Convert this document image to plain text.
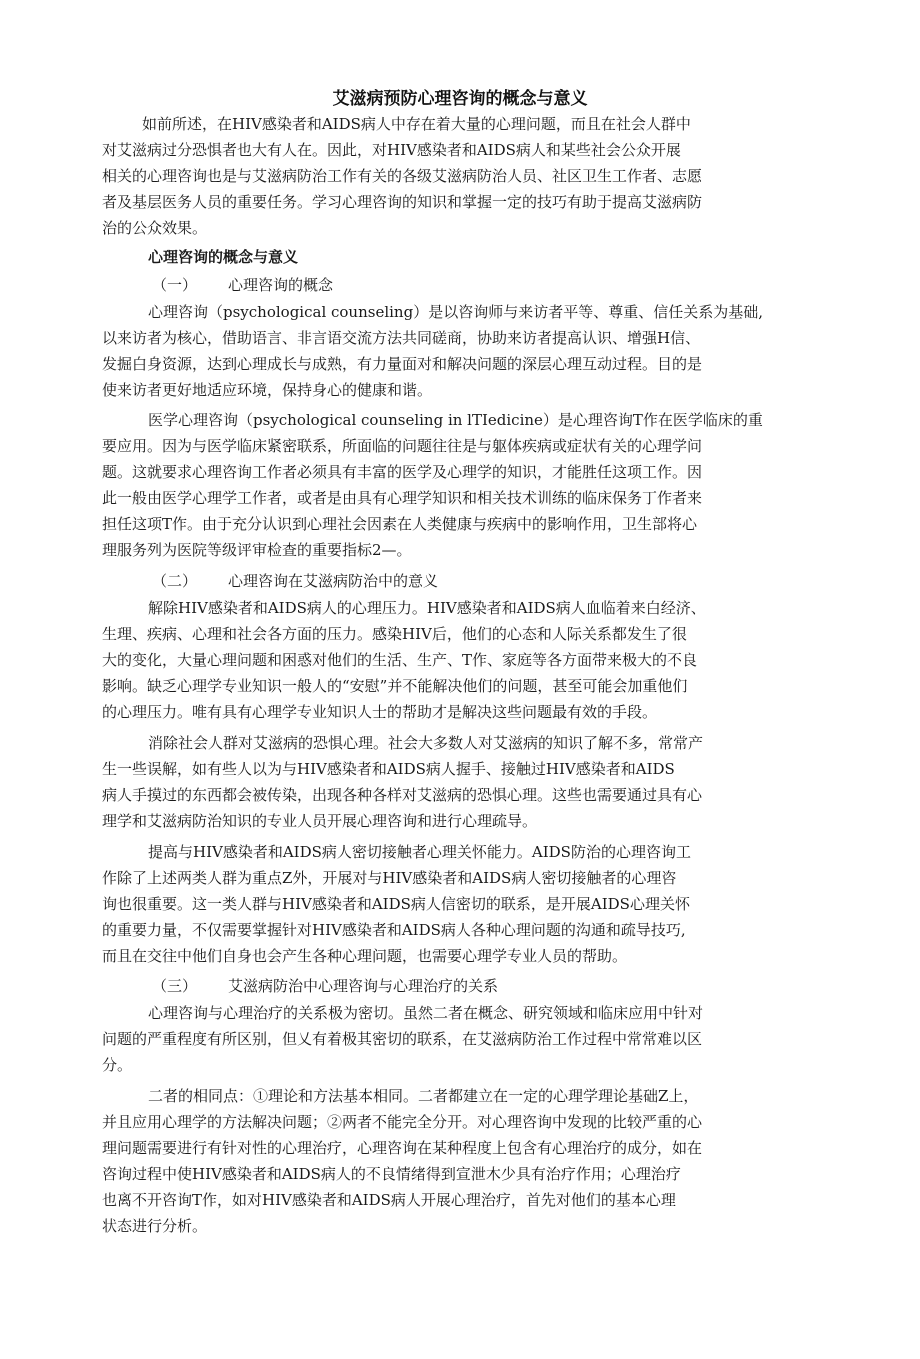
艾滋病预防心理咨询的概念与意义
如前所述，在HIV感染者和AIDS病人中存在着大量的心理问题，而且在社会人群中
对艾滋病过分恐惧者也大有人在。因此，对HIV感染者和AIDS病人和某些社会公众开展
相关的心理咨询也是与艾滋病防治工作有关的各级艾滋病防治人员、社区卫生工作者、志愿
者及基层医务人员的重要任务。学习心理咨询的知识和掌握一定的技巧有助于提高艾滋病防
治的公众效果。
心理咨询的概念与意义
（一） 心理咨询的概念
心理咨询（psychological counseling）是以咨询师与来访者平等、尊重、信任关系为基础,
以来访者为核心，借助语言、非言语交流方法共同磋商，协助来访者提高认识、增强H信、
发掘白身资源，达到心理成长与成熟，有力量面对和解决问题的深层心理互动过程。目的是
使来访者更好地适应环境，保持身心的健康和谐。
医学心理咨询（psychological counseling in lTIedicine）是心理咨询T作在医学临床的重
要应用。因为与医学临床紧密联系，所面临的问题往往是与躯体疾病或症状有关的心理学问
题。这就要求心理咨询工作者必须具有丰富的医学及心理学的知识，才能胜任这项工作。因
此一般由医学心理学工作者，或者是由具有心理学知识和相关技术训练的临床保务丁作者来
担任这项T作。由于充分认识到心理社会因素在人类健康与疾病中的影响作用，卫生部将心
理服务列为医院等级评审检查的重要指标2—。
（二） 心理咨询在艾滋病防治中的意义
解除HIV感染者和AIDS病人的心理压力。HIV感染者和AIDS病人血临着来白经济、
生理、疾病、心理和社会各方面的压力。感染HIV后，他们的心态和人际关系都发生了很
大的变化，大量心理问题和困惑对他们的生活、生产、T作、家庭等各方面带来极大的不良
影响。缺乏心理学专业知识一般人的“安慰”并不能解决他们的问题，甚至可能会加重他们
的心理压力。唯有具有心理学专业知识人士的帮助才是解决这些问题最有效的手段。
消除社会人群对艾滋病的恐惧心理。社会大多数人对艾滋病的知识了解不多，常常产
生一些误解，如有些人以为与HIV感染者和AIDS病人握手、接触过HIV感染者和AIDS
病人手摸过的东西都会被传染，出现各种各样对艾滋病的恐惧心理。这些也需要通过具有心
理学和艾滋病防治知识的专业人员开展心理咨询和进行心理疏导。
提高与HIV感染者和AIDS病人密切接触者心理关怀能力。AIDS防治的心理咨询工
作除了上述两类人群为重点Z外，开展对与HIV感染者和AIDS病人密切接触者的心理咨
询也很重要。这一类人群与HIV感染者和AIDS病人信密切的联系，是开展AIDS心理关怀
的重要力量，不仅需要掌握针对HIV感染者和AIDS病人各种心理问题的沟通和疏导技巧,
而且在交往中他们自身也会产生各种心理问题，也需要心理学专业人员的帮助。
（三） 艾滋病防治中心理咨询与心理治疗的关系
心理咨询与心理治疗的关系极为密切。虽然二者在概念、研究领域和临床应用中针对
问题的严重程度有所区别，但乂有着极其密切的联系，在艾滋病防治工作过程中常常难以区
分。
二者的相同点：①理论和方法基本相同。二者都建立在一定的心理学理论基础Z上，
并且应用心理学的方法解决问题；②两者不能完全分开。对心理咨询中发现的比较严重的心
理问题需要进行有针对性的心理治疗，心理咨询在某种程度上包含有心理治疗的成分，如在
咨询过程中使HIV感染者和AIDS病人的不良情绪得到宣泄木少具有治疗作用；心理治疗
也离不开咨询T作，如对HIV感染者和AIDS病人开展心理治疗，首先对他们的基本心理
状态进行分析。
